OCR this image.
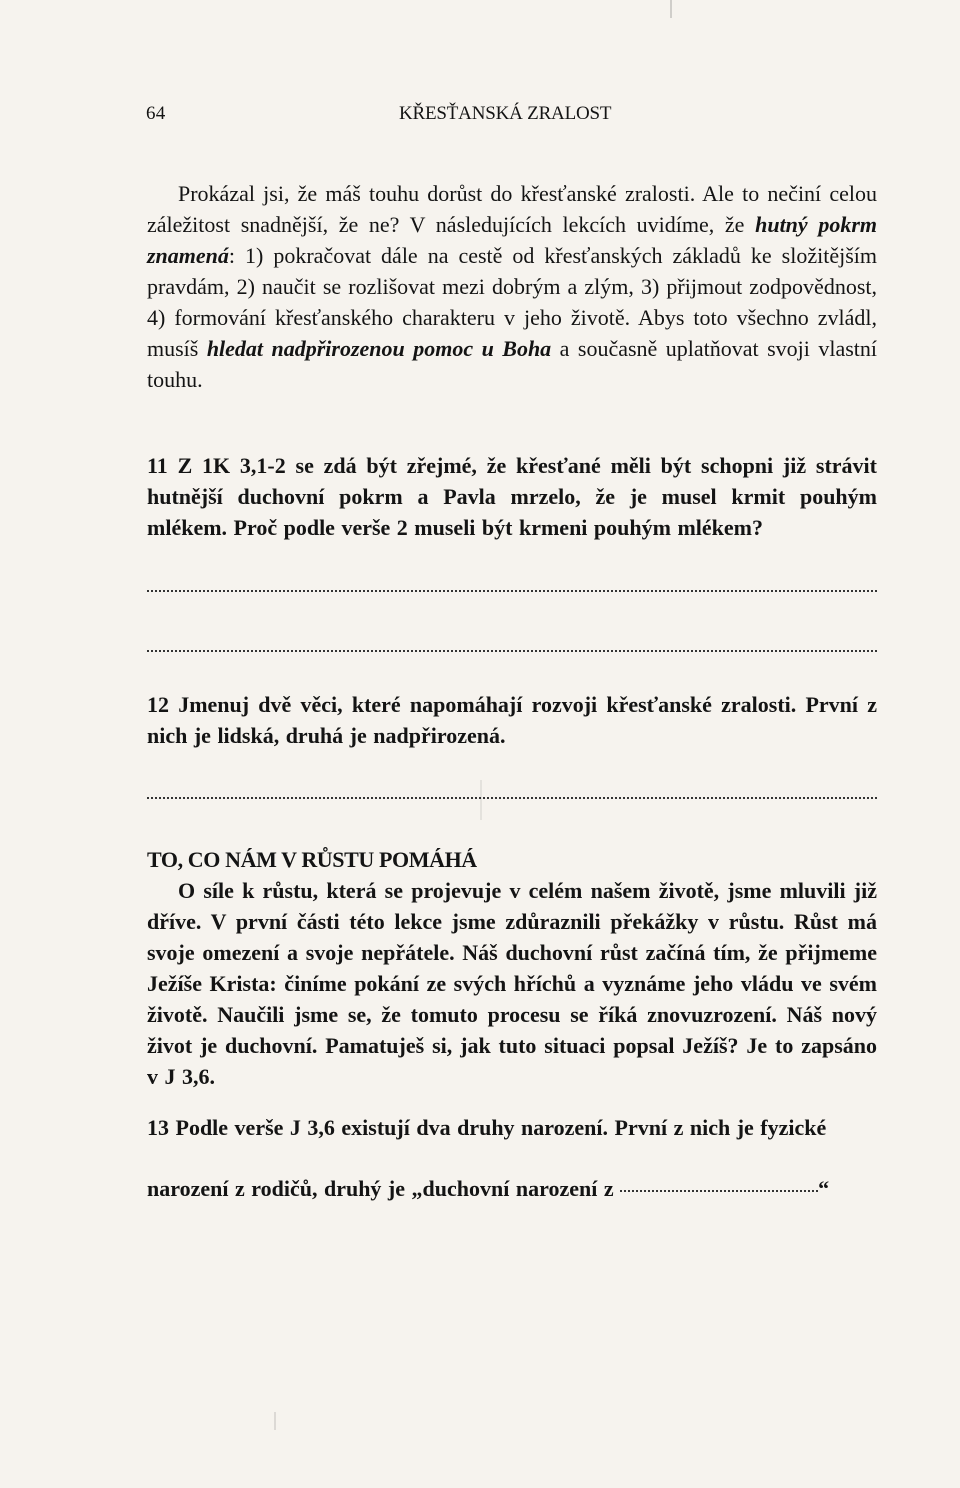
64	KŘESŤANSKÁ ZRALOST
Prokázal jsi, že máš touhu dorůst do křesťanské zralosti. Ale to nečiní celou záležitost snadnější, že ne? V následujících lekcích uvidíme, že hutný pokrm znamená: 1) pokračovat dále na cestě od křesťanských základů ke složitějším pravdám, 2) naučit se rozlišovat mezi dobrým a zlým, 3) přijmout zodpovědnost, 4) formování křesťanského charakteru v jeho životě. Abys toto všechno zvládl, musíš hledat nadpřirozenou pomoc u Boha a současně uplatňovat svoji vlastní touhu.
11 Z 1K 3,1-2 se zdá být zřejmé, že křesťané měli být schopni již strávit hutnější duchovní pokrm a Pavla mrzelo, že je musel krmit pouhým mlékem. Proč podle verše 2 museli být krmeni pouhým mlékem?
12 Jmenuj dvě věci, které napomáhají rozvoji křesťanské zralosti. První z nich je lidská, druhá je nadpřirozená.
TO, CO NÁM V RŮSTU POMÁHÁ
O síle k růstu, která se projevuje v celém našem životě, jsme mluvili již dříve. V první části této lekce jsme zdůraznili překážky v růstu. Růst má svoje omezení a svoje nepřátele. Náš duchovní růst začíná tím, že přijmeme Ježíše Krista: činíme pokání ze svých hříchů a vyznáme jeho vládu ve svém životě. Naučili jsme se, že tomuto procesu se říká znovuzrození. Náš nový život je duchovní. Pamatuješ si, jak tuto situaci popsal Ježíš? Je to zapsáno v J 3,6.
13 Podle verše J 3,6 existují dva druhy narození. První z nich je fyzické
narození z rodičů, druhý je „duchovní narození z	“
